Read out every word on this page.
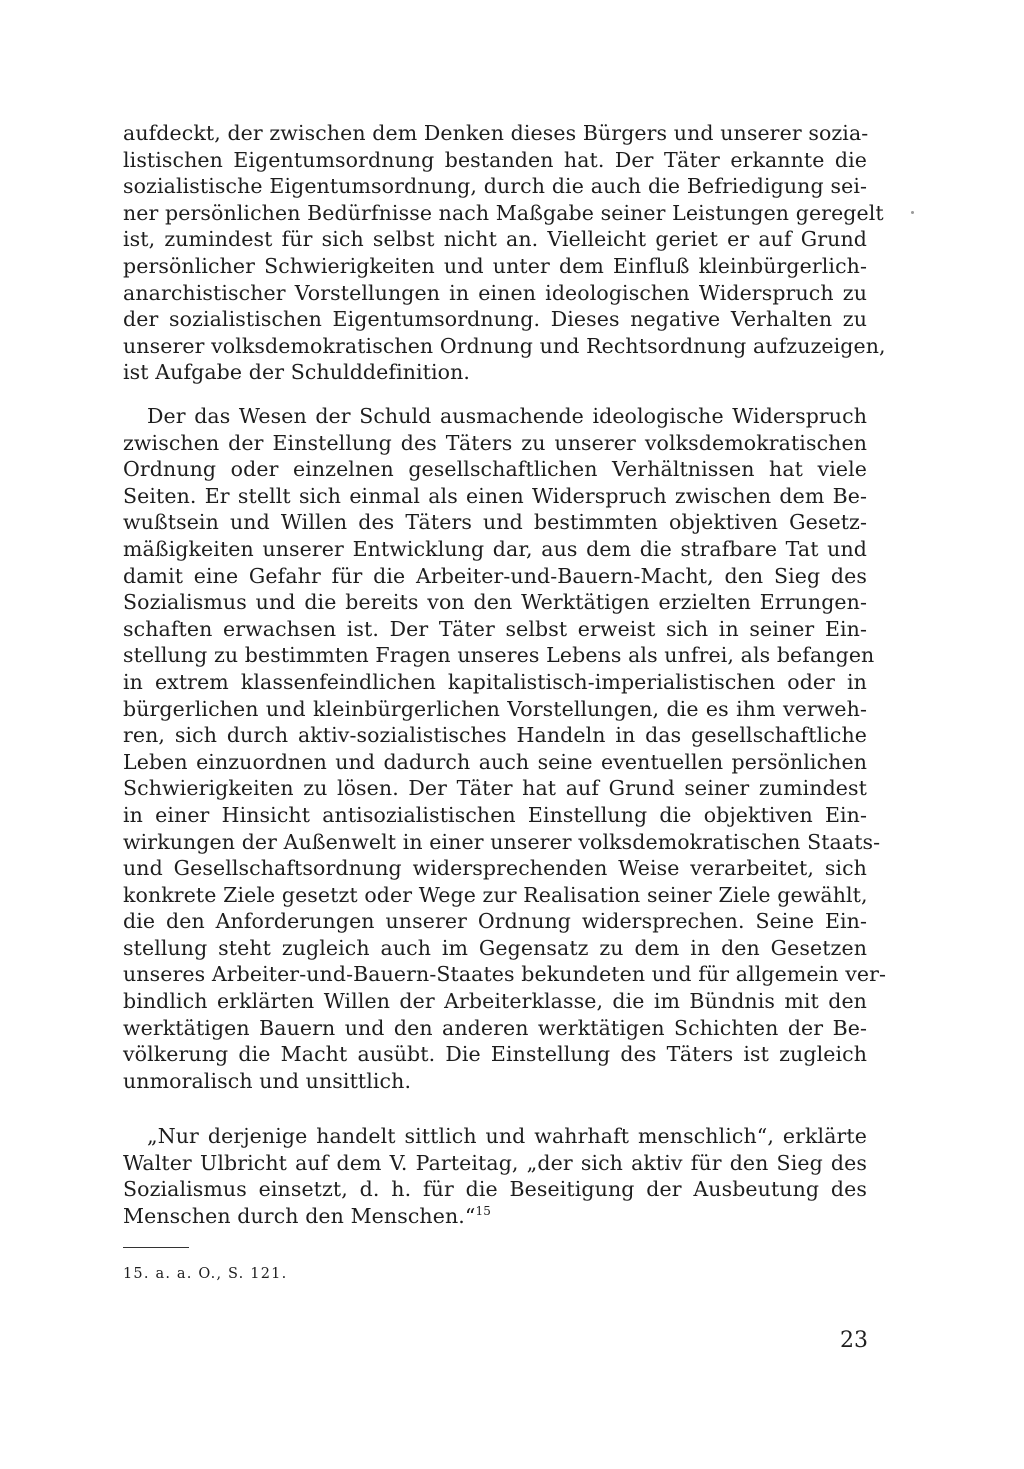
aufdeckt, der zwischen dem Denken dieses Bürgers und unserer sozia-
listischen Eigentumsordnung bestanden hat. Der Täter erkannte die
sozialistische Eigentumsordnung, durch die auch die Befriedigung sei-
ner persönlichen Bedürfnisse nach Maßgabe seiner Leistungen geregelt
ist, zumindest für sich selbst nicht an. Vielleicht geriet er auf Grund
persönlicher Schwierigkeiten und unter dem Einfluß kleinbürgerlich-
anarchistischer Vorstellungen in einen ideologischen Widerspruch zu
der sozialistischen Eigentumsordnung. Dieses negative Verhalten zu
unserer volksdemokratischen Ordnung und Rechtsordnung aufzuzeigen,
ist Aufgabe der Schulddefinition.
Der das Wesen der Schuld ausmachende ideologische Widerspruch
zwischen der Einstellung des Täters zu unserer volksdemokratischen
Ordnung oder einzelnen gesellschaftlichen Verhältnissen hat viele
Seiten. Er stellt sich einmal als einen Widerspruch zwischen dem Be-
wußtsein und Willen des Täters und bestimmten objektiven Gesetz-
mäßigkeiten unserer Entwicklung dar, aus dem die strafbare Tat und
damit eine Gefahr für die Arbeiter-und-Bauern-Macht, den Sieg des
Sozialismus und die bereits von den Werktätigen erzielten Errungen-
schaften erwachsen ist. Der Täter selbst erweist sich in seiner Ein-
stellung zu bestimmten Fragen unseres Lebens als unfrei, als befangen
in extrem klassenfeindlichen kapitalistisch-imperialistischen oder in
bürgerlichen und kleinbürgerlichen Vorstellungen, die es ihm verweh-
ren, sich durch aktiv-sozialistisches Handeln in das gesellschaftliche
Leben einzuordnen und dadurch auch seine eventuellen persönlichen
Schwierigkeiten zu lösen. Der Täter hat auf Grund seiner zumindest
in einer Hinsicht antisozialistischen Einstellung die objektiven Ein-
wirkungen der Außenwelt in einer unserer volksdemokratischen Staats-
und Gesellschaftsordnung widersprechenden Weise verarbeitet, sich
konkrete Ziele gesetzt oder Wege zur Realisation seiner Ziele gewählt,
die den Anforderungen unserer Ordnung widersprechen. Seine Ein-
stellung steht zugleich auch im Gegensatz zu dem in den Gesetzen
unseres Arbeiter-und-Bauern-Staates bekundeten und für allgemein ver-
bindlich erklärten Willen der Arbeiterklasse, die im Bündnis mit den
werktätigen Bauern und den anderen werktätigen Schichten der Be-
völkerung die Macht ausübt. Die Einstellung des Täters ist zugleich
unmoralisch und unsittlich.
„Nur derjenige handelt sittlich und wahrhaft menschlich“, erklärte
Walter Ulbricht auf dem V. Parteitag, „der sich aktiv für den Sieg des
Sozialismus einsetzt, d. h. für die Beseitigung der Ausbeutung des
Menschen durch den Menschen.“$^{15}$
15. a. a. O., S. 121.
23
